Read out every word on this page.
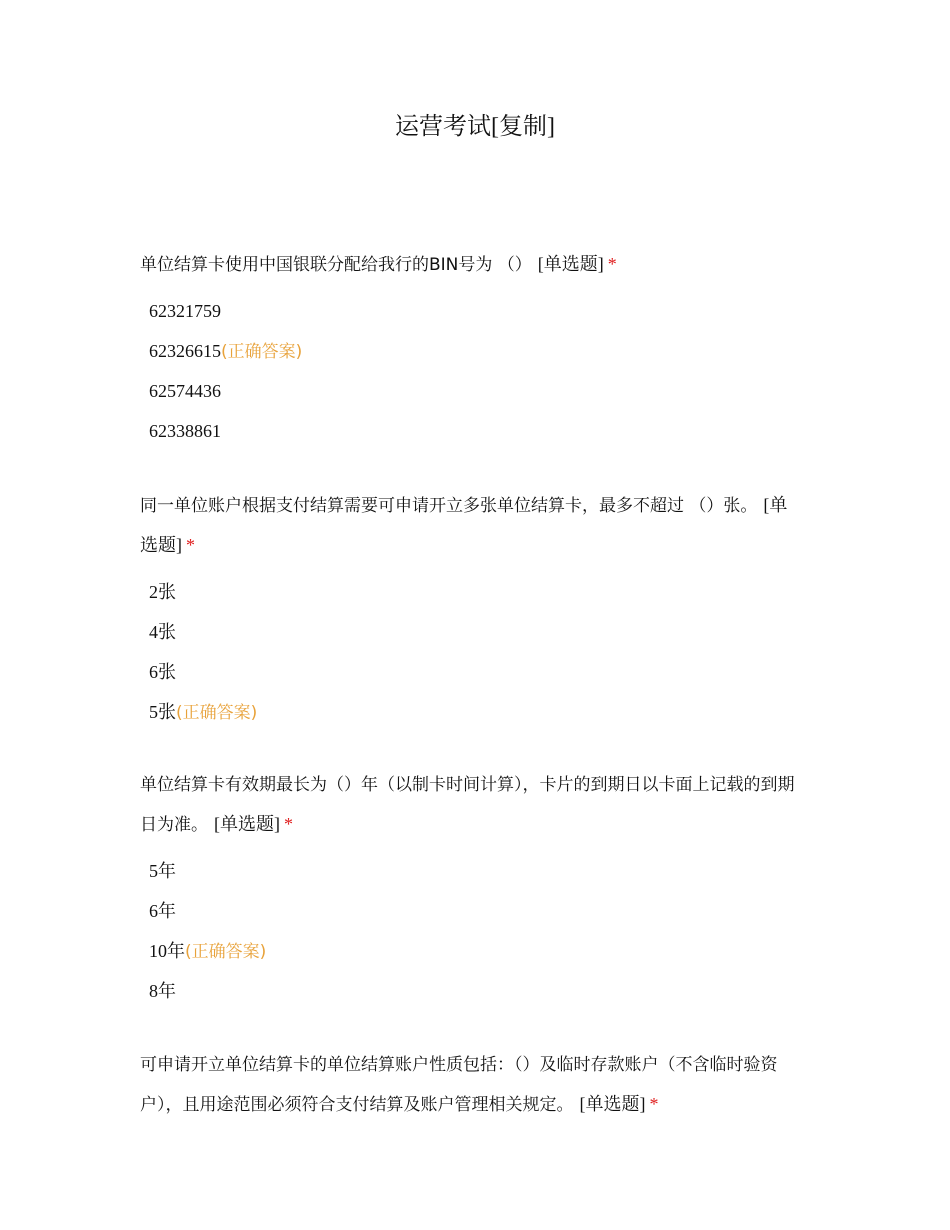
运营考试[复制]

单位结算卡使用中国银联分配给我行的BIN号为 （） [单选题] *

62321759
62326615(正确答案)
62574436
62338861

同一单位账户根据支付结算需要可申请开立多张单位结算卡，最多不超过 （）张。 [单选题] *

2张
4张
6张
5张(正确答案)

单位结算卡有效期最长为（）年（以制卡时间计算），卡片的到期日以卡面上记载的到期日为准。 [单选题] *

5年
6年
10年(正确答案)
8年

可申请开立单位结算卡的单位结算账户性质包括：（）及临时存款账户（不含临时验资户），且用途范围必须符合支付结算及账户管理相关规定。 [单选题] *
